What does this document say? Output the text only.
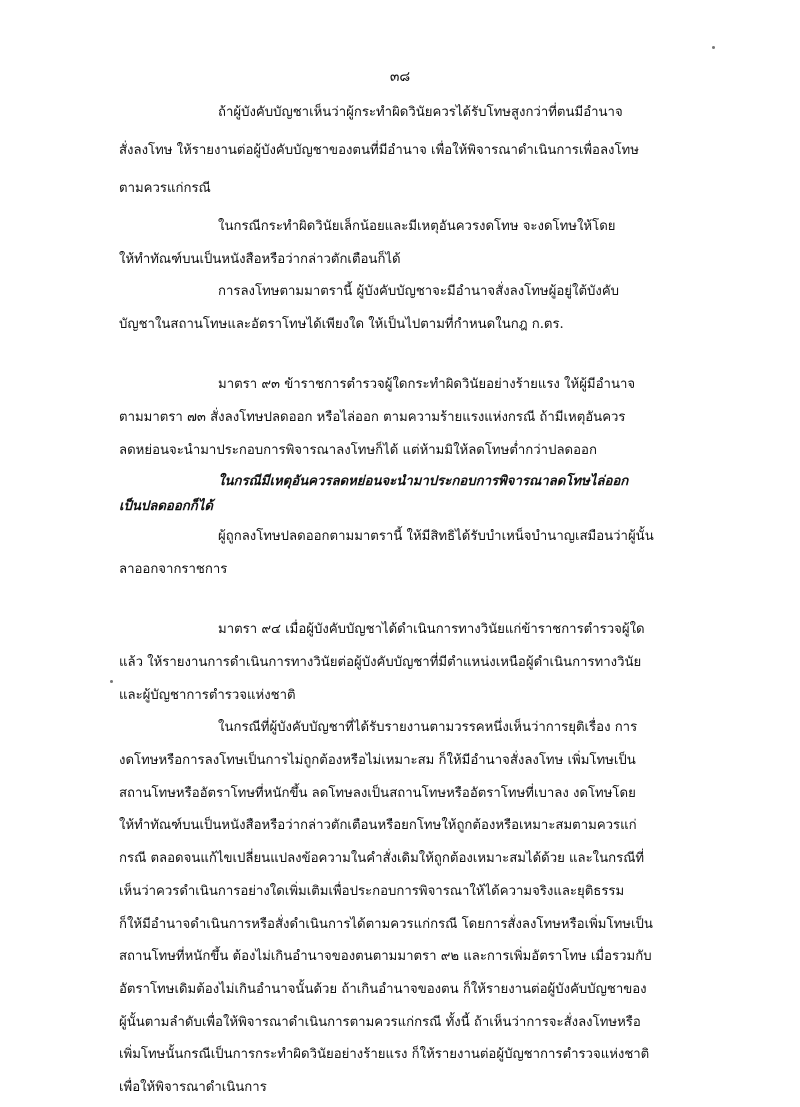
๓๘
ถ้าผู้บังคับบัญชาเห็นว่าผู้กระทำผิดวินัยควรได้รับโทษสูงกว่าที่ตนมีอำนาจ
สั่งลงโทษ ให้รายงานต่อผู้บังคับบัญชาของตนที่มีอำนาจ เพื่อให้พิจารณาดำเนินการเพื่อลงโทษ
ตามควรแก่กรณี
ในกรณีกระทำผิดวินัยเล็กน้อยและมีเหตุอันควรงดโทษ จะงดโทษให้โดย
ให้ทำทัณฑ์บนเป็นหนังสือหรือว่ากล่าวตักเตือนก็ได้
การลงโทษตามมาตรานี้ ผู้บังคับบัญชาจะมีอำนาจสั่งลงโทษผู้อยู่ใต้บังคับ
บัญชาในสถานโทษและอัตราโทษได้เพียงใด ให้เป็นไปตามที่กำหนดในกฎ ก.ตร.
มาตรา ๙๓ ข้าราชการตำรวจผู้ใดกระทำผิดวินัยอย่างร้ายแรง ให้ผู้มีอำนาจ
ตามมาตรา ๗๓ สั่งลงโทษปลดออก หรือไล่ออก ตามความร้ายแรงแห่งกรณี ถ้ามีเหตุอันควร
ลดหย่อนจะนำมาประกอบการพิจารณาลงโทษก็ได้ แต่ห้ามมิให้ลดโทษต่ำกว่าปลดออก
ในกรณีมีเหตุอันควรลดหย่อนจะนำมาประกอบการพิจารณาลดโทษไล่ออก
เป็นปลดออกก็ได้
ผู้ถูกลงโทษปลดออกตามมาตรานี้ ให้มีสิทธิได้รับบำเหน็จบำนาญเสมือนว่าผู้นั้น
ลาออกจากราชการ
มาตรา ๙๔ เมื่อผู้บังคับบัญชาได้ดำเนินการทางวินัยแก่ข้าราชการตำรวจผู้ใด
แล้ว ให้รายงานการดำเนินการทางวินัยต่อผู้บังคับบัญชาที่มีตำแหน่งเหนือผู้ดำเนินการทางวินัย
และผู้บัญชาการตำรวจแห่งชาติ
ในกรณีที่ผู้บังคับบัญชาที่ได้รับรายงานตามวรรคหนึ่งเห็นว่าการยุติเรื่อง การ
งดโทษหรือการลงโทษเป็นการไม่ถูกต้องหรือไม่เหมาะสม ก็ให้มีอำนาจสั่งลงโทษ เพิ่มโทษเป็น
สถานโทษหรืออัตราโทษที่หนักขึ้น ลดโทษลงเป็นสถานโทษหรืออัตราโทษที่เบาลง งดโทษโดย
ให้ทำทัณฑ์บนเป็นหนังสือหรือว่ากล่าวตักเตือนหรือยกโทษให้ถูกต้องหรือเหมาะสมตามควรแก่
กรณี ตลอดจนแก้ไขเปลี่ยนแปลงข้อความในคำสั่งเดิมให้ถูกต้องเหมาะสมได้ด้วย และในกรณีที่
เห็นว่าควรดำเนินการอย่างใดเพิ่มเติมเพื่อประกอบการพิจารณาให้ได้ความจริงและยุติธรรม
ก็ให้มีอำนาจดำเนินการหรือสั่งดำเนินการได้ตามควรแก่กรณี โดยการสั่งลงโทษหรือเพิ่มโทษเป็น
สถานโทษที่หนักขึ้น ต้องไม่เกินอำนาจของตนตามมาตรา ๙๒ และการเพิ่มอัตราโทษ เมื่อรวมกับ
อัตราโทษเดิมต้องไม่เกินอำนาจนั้นด้วย ถ้าเกินอำนาจของตน ก็ให้รายงานต่อผู้บังคับบัญชาของ
ผู้นั้นตามลำดับเพื่อให้พิจารณาดำเนินการตามควรแก่กรณี ทั้งนี้ ถ้าเห็นว่าการจะสั่งลงโทษหรือ
เพิ่มโทษนั้นกรณีเป็นการกระทำผิดวินัยอย่างร้ายแรง ก็ให้รายงานต่อผู้บัญชาการตำรวจแห่งชาติ
เพื่อให้พิจารณาดำเนินการ
